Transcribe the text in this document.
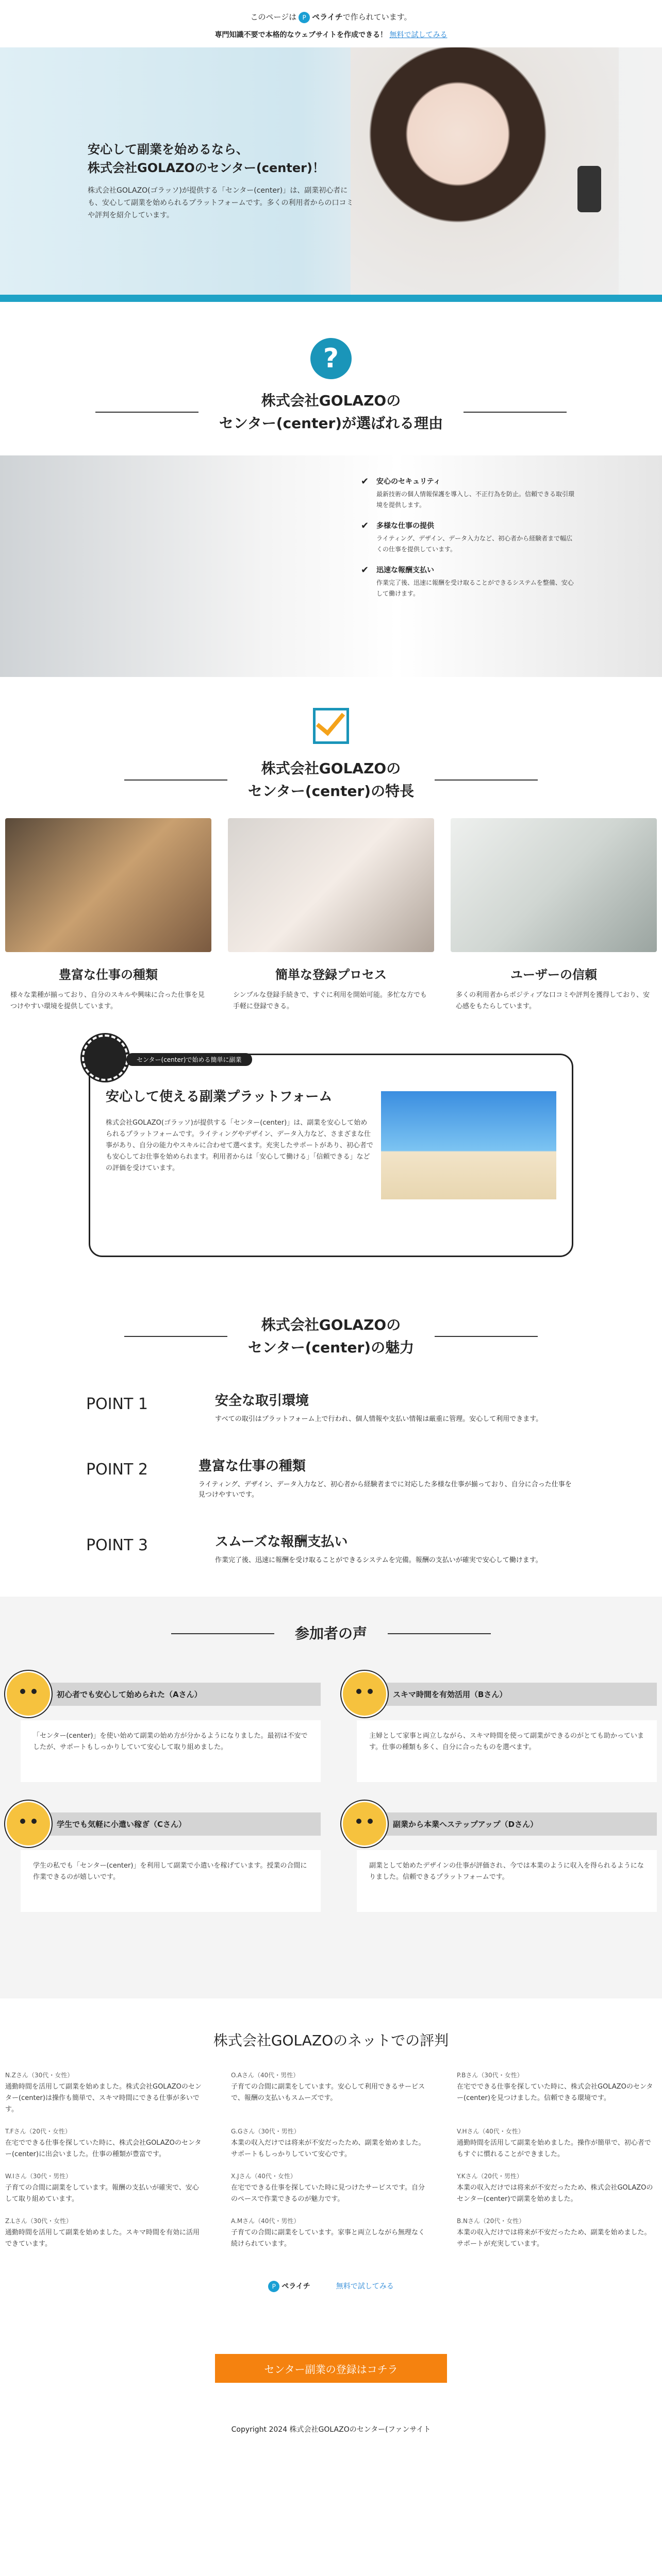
このページは P ペライチで作られています。
専門知識不要で本格的なウェブサイトを作成できる！ 無料で試してみる
安心して副業を始めるなら、
株式会社GOLAZOのセンター(center)！

株式会社GOLAZO(ゴラッソ)が提供する「センター(center)」は、副業初心者にも、安心して副業を始められるプラットフォームです。多くの利用者からの口コミや評判を紹介しています。

?
株式会社GOLAZOの
センター(center)が選ばれる理由
✔ 安心のセキュリティ
最新技術の個人情報保護を導入し、不正行為を防止。信頼できる取引環境を提供します。
✔ 多様な仕事の提供
ライティング、デザイン、データ入力など、初心者から経験者まで幅広くの仕事を提供しています。
✔ 迅速な報酬支払い
作業完了後、迅速に報酬を受け取ることができるシステムを整備、安心して働けます。
株式会社GOLAZOの
センター(center)の特長
豊富な仕事の種類

様々な業種が揃っており、自分のスキルや興味に合った仕事を見つけやすい環境を提供しています。

簡単な登録プロセス

シンプルな登録手続きで、すぐに利用を開始可能。多忙な方でも手軽に登録できる。

ユーザーの信頼

多くの利用者からポジティブな口コミや評判を獲得しており、安心感をもたらしています。

センター(center)で始める簡単に副業
安心して使える副業プラットフォーム

株式会社GOLAZO(ゴラッソ)が提供する「センター(center)」は、副業を安心して始められるプラットフォームです。ライティングやデザイン、データ入力など、さまざまな仕事があり、自分の能力やスキルに合わせて選べます。充実したサポートがあり、初心者でも安心してお仕事を始められます。利用者からは「安心して働ける」「信頼できる」などの評価を受けています。

株式会社GOLAZOの
センター(center)の魅力
POINT 1	安全な取引環境

すべての取引はプラットフォーム上で行われ、個人情報や支払い情報は厳重に管理。安心して利用できます。

POINT 2	豊富な仕事の種類

ライティング、デザイン、データ入力など、初心者から経験者までに対応した多様な仕事が揃っており、自分に合った仕事を見つけやすいです。

POINT 3	スムーズな報酬支払い

作業完了後、迅速に報酬を受け取ることができるシステムを完備。報酬の支払いが確実で安心して働けます。

参加者の声
初心者でも安心して始められた（Aさん）
「センター(center)」を使い始めて副業の始め方が分かるようになりました。最初は不安でしたが、サポートもしっかりしていて安心して取り組めました。
スキマ時間を有効活用（Bさん）
主婦として家事と両立しながら、スキマ時間を使って副業ができるのがとても助かっています。仕事の種類も多く、自分に合ったものを選べます。
学生でも気軽に小遣い稼ぎ（Cさん）
学生の私でも「センター(center)」を利用して副業で小遣いを稼げています。授業の合間に作業できるのが嬉しいです。
副業から本業へステップアップ（Dさん）
副業として始めたデザインの仕事が評価され、今では本業のように収入を得られるようになりました。信頼できるプラットフォームです。
株式会社GOLAZOのネットでの評判
N.Zさん（30代・女性）
通勤時間を活用して副業を始めました。株式会社GOLAZOのセンター(center)は操作も簡単で、スキマ時間にできる仕事が多いです。
O.Aさん（40代・男性）
子育ての合間に副業をしています。安心して利用できるサービスで、報酬の支払いもスムーズです。
P.Bさん（30代・女性）
在宅でできる仕事を探していた時に、株式会社GOLAZOのセンター(center)を見つけました。信頼できる環境です。
T.Fさん（20代・女性）
在宅でできる仕事を探していた時に、株式会社GOLAZOのセンター(center)に出会いました。仕事の種類が豊富です。
G.Gさん（30代・男性）
本業の収入だけでは将来が不安だったため、副業を始めました。サポートもしっかりしていて安心です。
V.Hさん（40代・女性）
通勤時間を活用して副業を始めました。操作が簡単で、初心者でもすぐに慣れることができました。
W.Iさん（30代・男性）
子育ての合間に副業をしています。報酬の支払いが確実で、安心して取り組めています。
X.Jさん（40代・女性）
在宅でできる仕事を探していた時に見つけたサービスです。自分のペースで作業できるのが魅力です。
Y.Kさん（20代・男性）
本業の収入だけでは将来が不安だったため、株式会社GOLAZOのセンター(center)で副業を始めました。
Z.Lさん（30代・女性）
通勤時間を活用して副業を始めました。スキマ時間を有効に活用できています。
A.Mさん（40代・男性）
子育ての合間に副業をしています。家事と両立しながら無理なく続けられています。
B.Nさん（20代・女性）
本業の収入だけでは将来が不安だったため、副業を始めました。サポートが充実しています。
P ペライチ	無料で試してみる
センター副業の登録はコチラ
Copyright 2024 株式会社GOLAZOのセンター(ファンサイト
